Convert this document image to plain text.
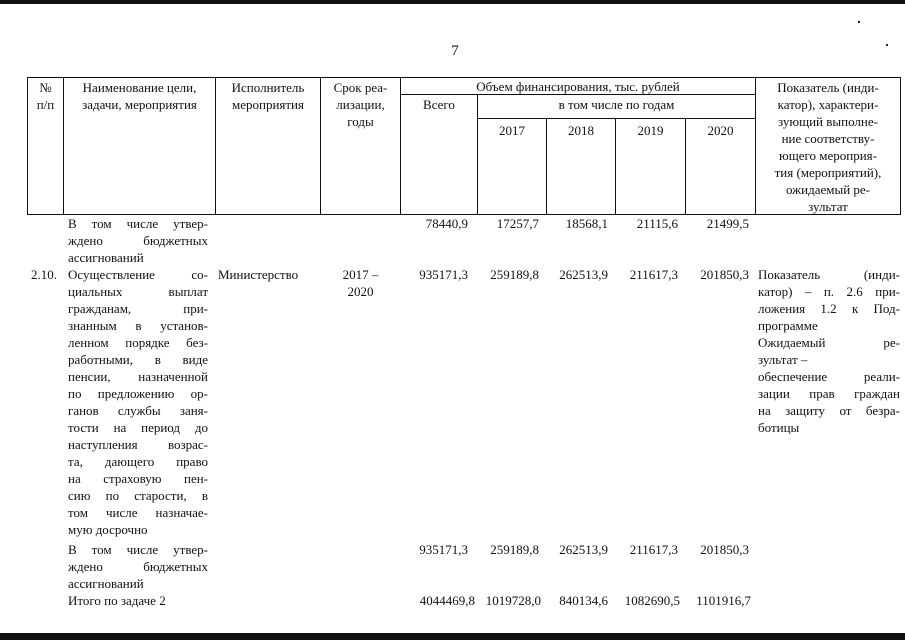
7
№
п/п
Наименование цели,
задачи, мероприятия
Исполнитель
мероприятия
Срок реа-
лизации,
годы
Объем финансирования, тыс. рублей
Всего	в том числе по годам
2017	2018	2019	2020
Показатель (инди-
катор), характери-
зующий выполне-
ние соответству-
ющего мероприя-
тия (мероприятий),
ожидаемый ре-
зультат
В том числе утвер-
ждено бюджетных
ассигнований
78440,9	17257,7	18568,1	21115,6	21499,5
2.10. Осуществление со-
циальных выплат
гражданам, при-
знанным в установ-
ленном порядке без-
работными, в виде
пенсии, назначенной
по предложению ор-
ганов службы заня-
тости на период до
наступления возрас-
та, дающего право
на страховую пен-
сию по старости, в
том числе назначае-
мую досрочно
Министерство	2017 –
2020
935171,3	259189,8	262513,9	211617,3	201850,3 Показатель (инди-
катор) – п. 2.6 при-
ложения 1.2 к Под-
программе
Ожидаемый ре-
зультат –
обеспечение реали-
зации прав граждан
на защиту от безра-
ботицы
В том числе утвер-
ждено бюджетных
ассигнований
935171,3	259189,8	262513,9	211617,3	201850,3
Итого по задаче 2	4044469,8 1019728,0	840134,6	1082690,5	1101916,7
